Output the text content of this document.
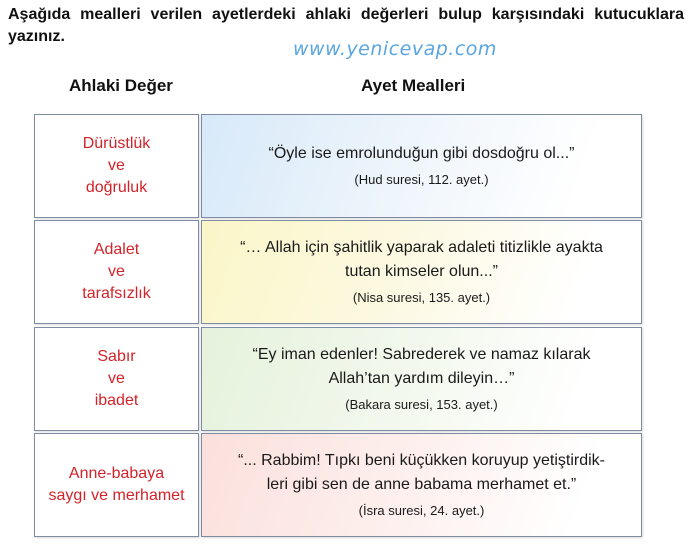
Aşağıda mealleri verilen ayetlerdeki ahlaki değerleri bulup karşısındaki kutucuklara yazınız.
www.yenicevap.com
Ahlaki Değer	Ayet Mealleri
Dürüstlük
ve
doğruluk
“Öyle ise emrolunduğun gibi dosdoğru ol...”
(Hud suresi, 112. ayet.)
Adalet
ve
tarafsızlık
“… Allah için şahitlik yaparak adaleti titizlikle ayakta
tutan kimseler olun...”
(Nisa suresi, 135. ayet.)
Sabır
ve
ibadet
“Ey iman edenler! Sabrederek ve namaz kılarak
Allah’tan yardım dileyin…”
(Bakara suresi, 153. ayet.)
Anne-babaya
saygı ve merhamet
“... Rabbim! Tıpkı beni küçükken koruyup yetiştirdik-
leri gibi sen de anne babama merhamet et.”
(İsra suresi, 24. ayet.)
